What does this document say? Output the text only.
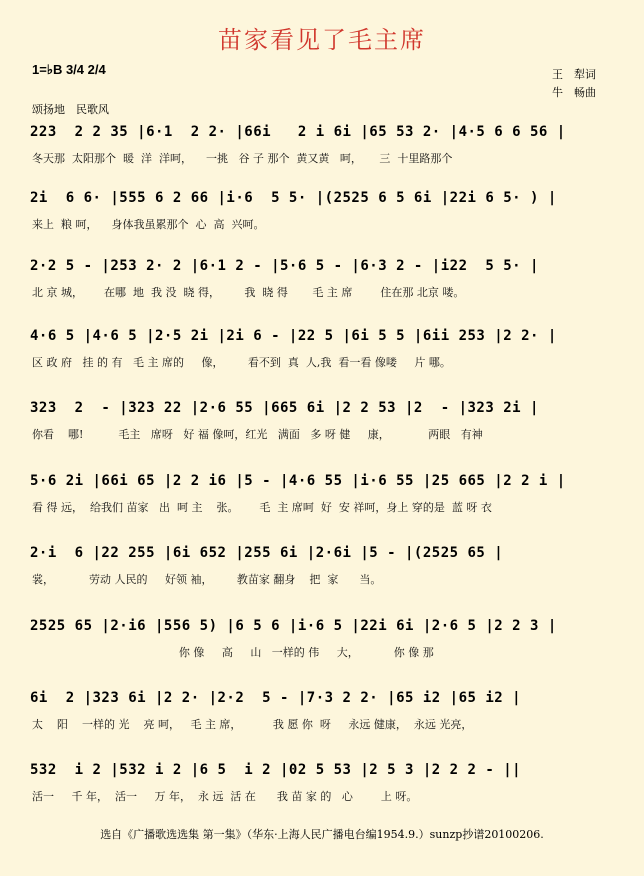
苗家看见了毛主席
1=♭B 3/4 2/4	王　犁词
牛　畅曲
颂扬地　民歌风
223  2 2 35 |6·1  2 2· |66i   2 i 6i |65 53 2· |4·5 6 6 56 |
冬天那  太阳那个  暖  洋  洋呵，    一挑   谷 子 那个  黄又黄   呵，     三  十里路那个
2i  6 6· |555 6 2 66 |i·6  5 5· |(2525 6 5 6i |22i 6 5· ) |
来上  粮 呵，    身体我虽累那个  心  高  兴呵。
2·2 5 - |253 2· 2 |6·1 2 - |5·6 5 - |6·3 2 - |i22  5 5· |
北 京 城，      在哪  地  我 没  晓 得，       我  晓 得       毛 主 席        住在那 北京 喽。
4·6 5 |4·6 5 |2·5 2i |2i 6 - |22 5 |6i 5 5 |6ii 253 |2 2· |
区 政 府   挂 的 有   毛 主 席的     像，       看不到  真  人,我  看一看 像喽     片 哪。
323  2  - |323 22 |2·6 55 |665 6i |2 2 53 |2  - |323 2i |
你看    哪!          毛主   席呀   好 福 像呵，红光   满面   多 呀 健     康，           两眼   有神
5·6 2i |66i 65 |2 2 i6 |5 - |4·6 55 |i·6 55 |25 665 |2 2 i |
看 得 远，  给我们 苗家   出  呵 主    张。      毛  主 席呵  好  安 祥呵，身上 穿的是  蓝 呀 衣
2·i  6 |22 255 |6i 652 |255 6i |2·6i |5 - |(2525 65 |
裳，          劳动 人民的     好领 袖，       教苗家 翻身    把  家      当。
2525 65 |2·i6 |556 5) |6 5 6 |i·6 5 |22i 6i |2·6 5 |2 2 3 |
你 像     高     山   一样的 伟     大，          你 像 那
6i  2 |323 6i |2 2· |2·2  5 - |7·3 2 2· |65 i2 |65 i2 |
太    阳    一样的 光    亮 呵，   毛 主 席，         我 愿 你  呀     永远 健康，  永远 光亮，
532  i 2 |532 i 2 |6 5  i 2 |02 5 53 |2 5 3 |2 2 2 - ||
活一     千 年，  活一     万 年，  永 远  活 在      我 苗 家 的   心        上 呀。
选自《广播歌选选集 第一集》（华东·上海人民广播电台编1954.9.）sunzp抄谱20100206.
